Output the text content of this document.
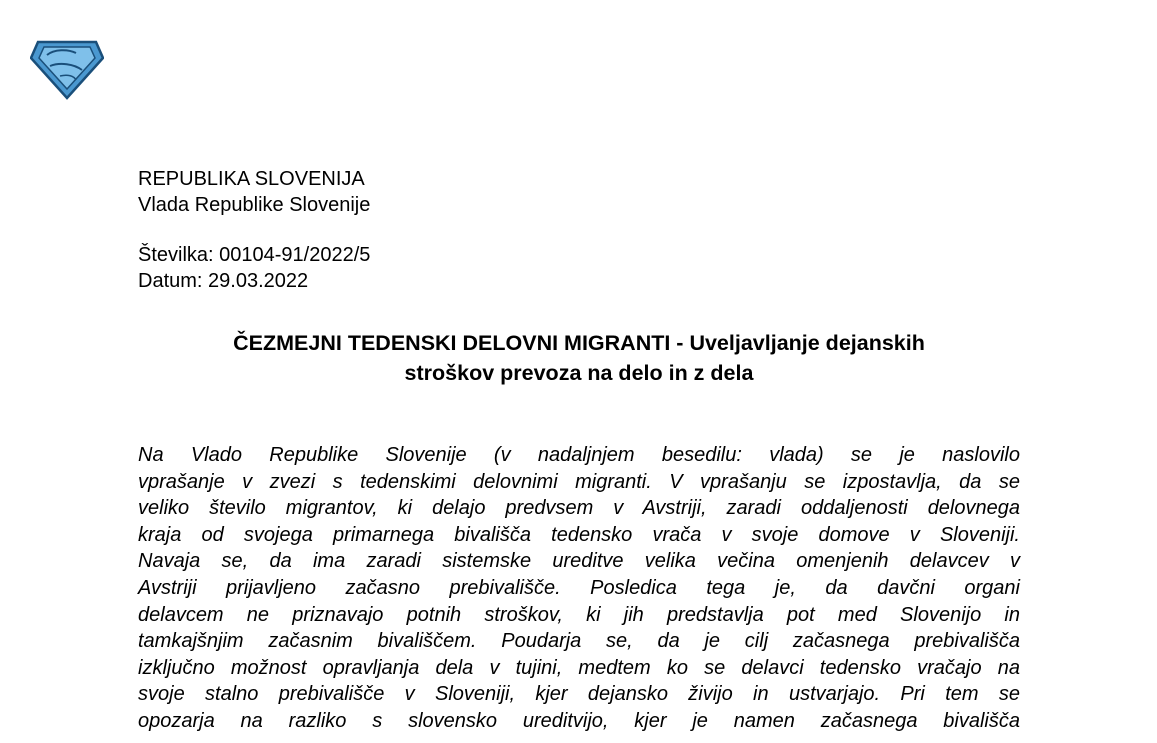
REPUBLIKA SLOVENIJA
Vlada Republike Slovenije
Številka: 00104-91/2022/5
Datum: 29.03.2022
ČEZMEJNI TEDENSKI DELOVNI MIGRANTI - Uveljavljanje dejanskih
stroškov prevoza na delo in z dela
Na Vlado Republike Slovenije (v nadaljnjem besedilu: vlada) se je naslovilo
vprašanje v zvezi s tedenskimi delovnimi migranti. V vprašanju se izpostavlja, da se
veliko število migrantov, ki delajo predvsem v Avstriji, zaradi oddaljenosti delovnega
kraja od svojega primarnega bivališča tedensko vrača v svoje domove v Sloveniji.
Navaja se, da ima zaradi sistemske ureditve velika večina omenjenih delavcev v
Avstriji prijavljeno začasno prebivališče. Posledica tega je, da davčni organi
delavcem ne priznavajo potnih stroškov, ki jih predstavlja pot med Slovenijo in
tamkajšnjim začasnim bivališčem. Poudarja se, da je cilj začasnega prebivališča
izključno možnost opravljanja dela v tujini, medtem ko se delavci tedensko vračajo na
svoje stalno prebivališče v Sloveniji, kjer dejansko živijo in ustvarjajo. Pri tem se
opozarja na razliko s slovensko ureditvijo, kjer je namen začasnega bivališča
